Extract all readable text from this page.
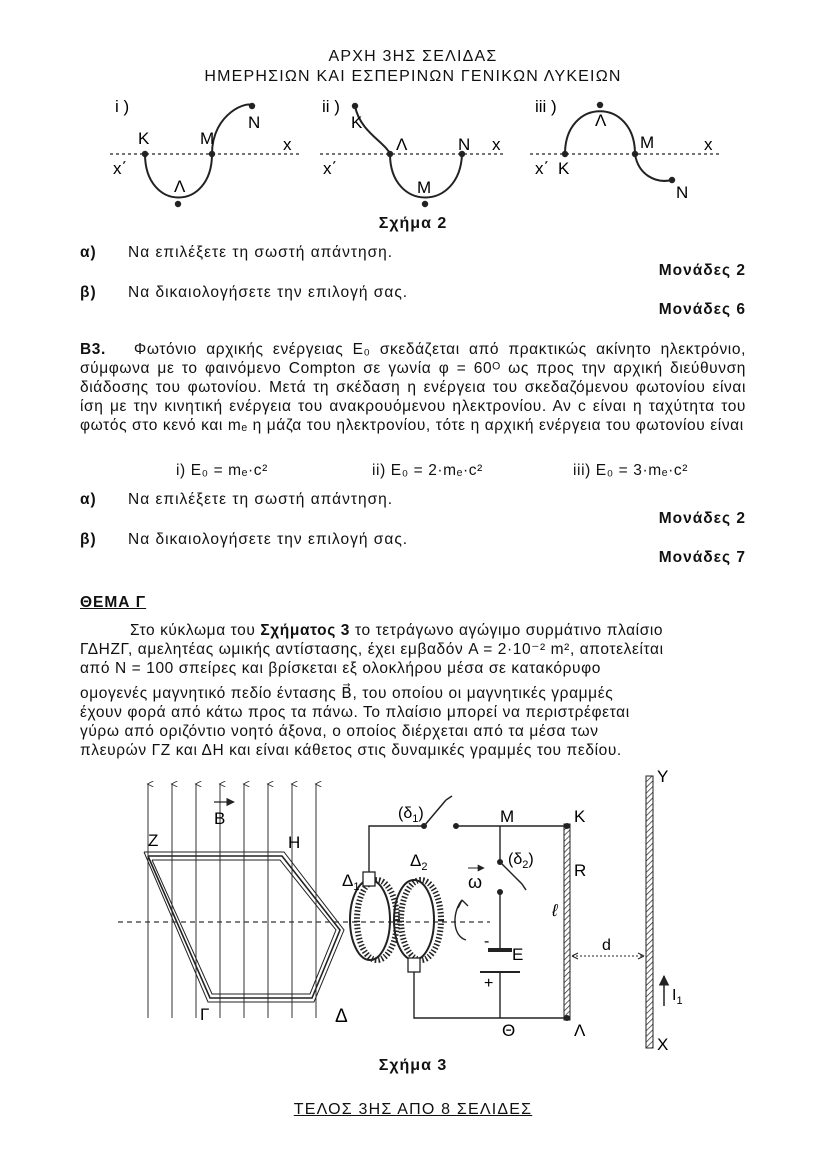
ΑΡΧΗ 3ΗΣ ΣΕΛΙΔΑΣ
ΗΜΕΡΗΣΙΩΝ ΚΑΙ ΕΣΠΕΡΙΝΩΝ ΓΕΝΙΚΩΝ ΛΥΚΕΙΩΝ
i )
K	M
Λ
N
x
x΄
ii )
K
Λ
M
N x
x΄
iii )
K
Λ
M
N
x
x΄
Σχήμα 2
α) Να επιλέξετε τη σωστή απάντηση.
Μονάδες 2
β) Να δικαιολογήσετε την επιλογή σας.
Μονάδες 6
Β3. Φωτόνιο αρχικής ενέργειας E₀ σκεδάζεται από πρακτικώς ακίνητο ηλεκτρόνιο, σύμφωνα με το φαινόμενο Compton σε γωνία φ = 60ᴼ ως προς την αρχική διεύθυνση διάδοσης του φωτονίου. Μετά τη σκέδαση η ενέργεια του σκεδαζόμενου φωτονίου είναι ίση με την κινητική ενέργεια του ανακρουόμενου ηλεκτρονίου. Αν c είναι η ταχύτητα του φωτός στο κενό και mₑ η μάζα του ηλεκτρονίου, τότε η αρχική ενέργεια του φωτονίου είναι
i) E₀ = mₑ·c²	ii) E₀ = 2·mₑ·c²	iii) E₀ = 3·mₑ·c²
α) Να επιλέξετε τη σωστή απάντηση.
Μονάδες 2
β) Να δικαιολογήσετε την επιλογή σας.
Μονάδες 7
ΘΕΜΑ Γ
Στο κύκλωμα του Σχήματος 3 το τετράγωνο αγώγιμο συρμάτινο πλαίσιο
ΓΔΗΖΓ, αμελητέας ωμικής αντίστασης, έχει εμβαδόν A = 2·10⁻² m², αποτελείται
από N = 100 σπείρες και βρίσκεται εξ ολοκλήρου μέσα σε κατακόρυφο
ομογενές μαγνητικό πεδίο έντασης B⃗, του οποίου οι μαγνητικές γραμμές
έχουν φορά από κάτω προς τα πάνω. Το πλαίσιο μπορεί να περιστρέφεται
γύρω από οριζόντιο νοητό άξονα, ο οποίος διέρχεται από τα μέσα των
πλευρών ΓΖ και ΔΗ και είναι κάθετος στις δυναμικές γραμμές του πεδίου.
B
Z	H
Γ	Δ
$\Delta_1$
$\Delta_2$
ω
$(\delta_1)$
$(\delta_2)$
-
+
E	d
$I_1$
M	K
R
ℓ
Θ	Λ
Y
X
Σχήμα 3
ΤΕΛΟΣ 3ΗΣ ΑΠΟ 8 ΣΕΛΙΔΕΣ
